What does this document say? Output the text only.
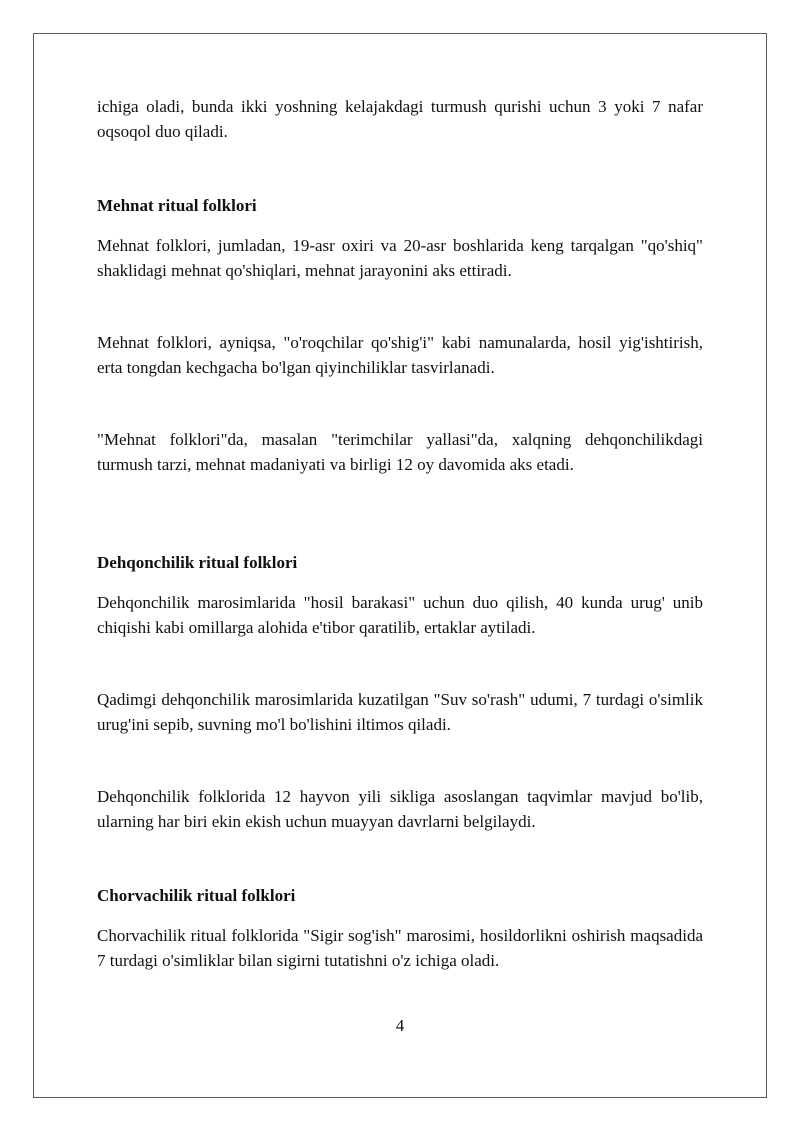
ichiga oladi, bunda ikki yoshning kelajakdagi turmush qurishi uchun 3 yoki 7 nafar oqsoqol duo qiladi.

Mehnat ritual folklori

Mehnat folklori, jumladan, 19-asr oxiri va 20-asr boshlarida keng tarqalgan "qo'shiq" shaklidagi mehnat qo'shiqlari, mehnat jarayonini aks ettiradi.

Mehnat folklori, ayniqsa, "o'roqchilar qo'shig'i" kabi namunalarda, hosil yig'ishtirish, erta tongdan kechgacha bo'lgan qiyinchiliklar tasvirlanadi.

"Mehnat folklori"da, masalan "terimchilar yallasi"da, xalqning dehqonchilikdagi turmush tarzi, mehnat madaniyati va birligi 12 oy davomida aks etadi.

Dehqonchilik ritual folklori

Dehqonchilik marosimlarida "hosil barakasi" uchun duo qilish, 40 kunda urug' unib chiqishi kabi omillarga alohida e'tibor qaratilib, ertaklar aytiladi.

Qadimgi dehqonchilik marosimlarida kuzatilgan "Suv so'rash" udumi, 7 turdagi o'simlik urug'ini sepib, suvning mo'l bo'lishini iltimos qiladi.

Dehqonchilik folklorida 12 hayvon yili sikliga asoslangan taqvimlar mavjud bo'lib, ularning har biri ekin ekish uchun muayyan davrlarni belgilaydi.

Chorvachilik ritual folklori

Chorvachilik ritual folklorida "Sigir sog'ish" marosimi, hosildorlikni oshirish maqsadida 7 turdagi o'simliklar bilan sigirni tutatishni o'z ichiga oladi.

4
